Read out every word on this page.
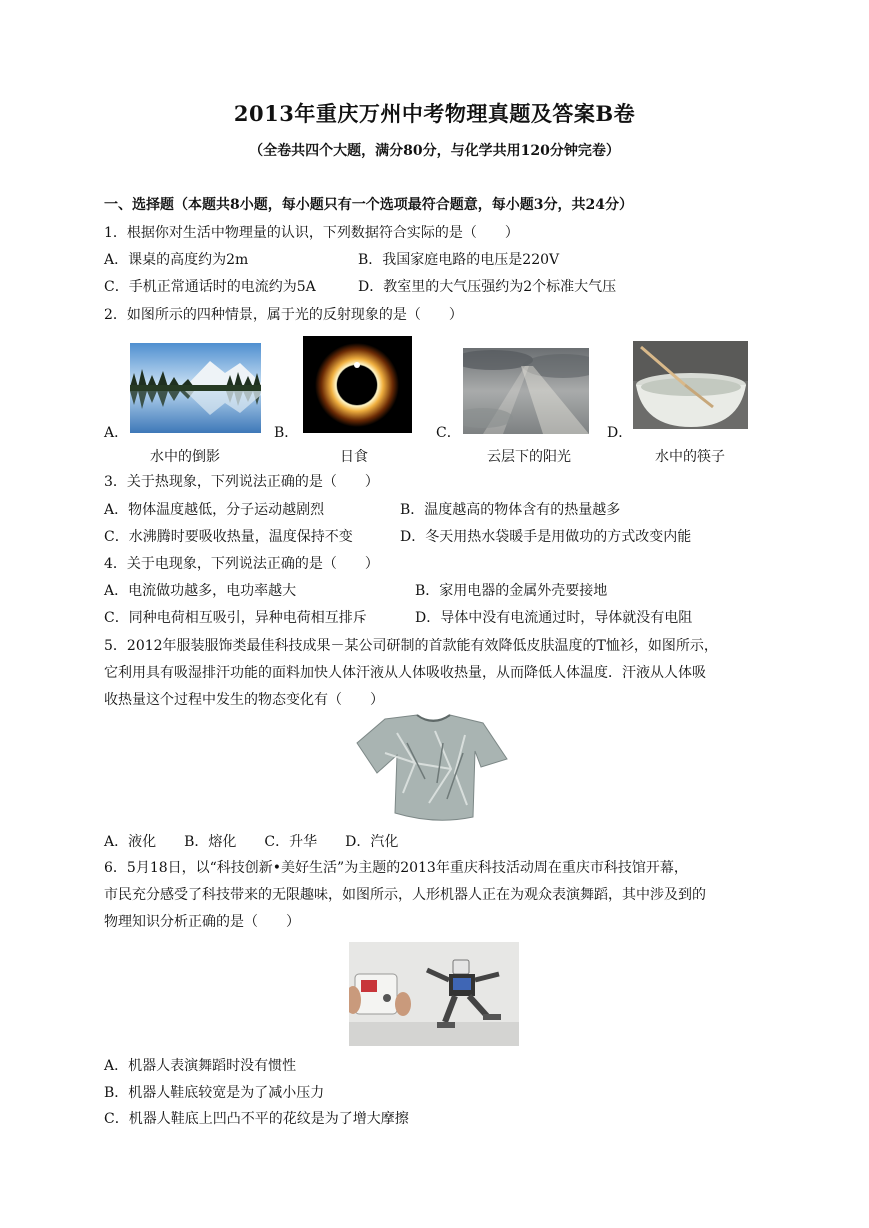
2013年重庆万州中考物理真题及答案B卷
（全卷共四个大题，满分80分，与化学共用120分钟完卷）
一、选择题（本题共8小题，每小题只有一个选项最符合题意，每小题3分，共24分）
1．根据你对生活中物理量的认识，下列数据符合实际的是（　　）
A．课桌的高度约为2m	B．我国家庭电路的电压是220V
C．手机正常通话时的电流约为5A	D．教室里的大气压强约为2个标准大气压
2．如图所示的四种情景，属于光的反射现象的是（　　）
A．
水中的倒影
B．
日食
C．
云层下的阳光
D．
水中的筷子
3．关于热现象，下列说法正确的是（　　）
A．物体温度越低，分子运动越剧烈	B．温度越高的物体含有的热量越多
C．水沸腾时要吸收热量，温度保持不变	D．冬天用热水袋暖手是用做功的方式改变内能
4．关于电现象，下列说法正确的是（　　）
A．电流做功越多，电功率越大	B．家用电器的金属外壳要接地
C．同种电荷相互吸引，异种电荷相互排斥	D．导体中没有电流通过时，导体就没有电阻
5．2012年服装服饰类最佳科技成果－某公司研制的首款能有效降低皮肤温度的T恤衫，如图所示，
它利用具有吸湿排汗功能的面料加快人体汗液从人体吸收热量，从而降低人体温度．汗液从人体吸
收热量这个过程中发生的物态变化有（　　）
A．液化　　B．熔化　　C．升华　　D．汽化
6．5月18日，以“科技创新•美好生活”为主题的2013年重庆科技活动周在重庆市科技馆开幕，
市民充分感受了科技带来的无限趣味，如图所示，人形机器人正在为观众表演舞蹈，其中涉及到的
物理知识分析正确的是（　　）
A．机器人表演舞蹈时没有惯性
B．机器人鞋底较宽是为了减小压力
C．机器人鞋底上凹凸不平的花纹是为了增大摩擦
